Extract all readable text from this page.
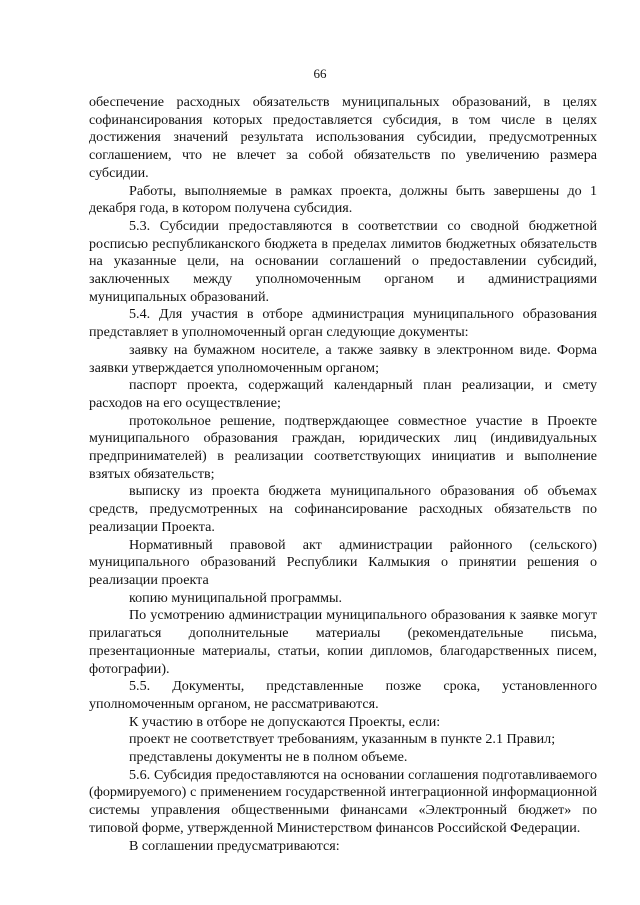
66

обеспечение расходных обязательств муниципальных образований, в целях софинансирования которых предоставляется субсидия, в том числе в целях достижения значений результата использования субсидии, предусмотренных соглашением, что не влечет за собой обязательств по увеличению размера субсидии.

Работы, выполняемые в рамках проекта, должны быть завершены до 1 декабря года, в котором получена субсидия.

5.3. Субсидии предоставляются в соответствии со сводной бюджетной росписью республиканского бюджета в пределах лимитов бюджетных обязательств на указанные цели, на основании соглашений о предоставлении субсидий, заключенных между уполномоченным органом и администрациями муниципальных образований.

5.4. Для участия в отборе администрация муниципального образования представляет в уполномоченный орган следующие документы:

заявку на бумажном носителе, а также заявку в электронном виде. Форма заявки утверждается уполномоченным органом;

паспорт проекта, содержащий календарный план реализации, и смету расходов на его осуществление;

протокольное решение, подтверждающее совместное участие в Проекте муниципального образования граждан, юридических лиц (индивидуальных предпринимателей) в реализации соответствующих инициатив и выполнение взятых обязательств;

выписку из проекта бюджета муниципального образования об объемах средств, предусмотренных на софинансирование расходных обязательств по реализации Проекта.

Нормативный правовой акт администрации районного (сельского) муниципального образований Республики Калмыкия о принятии решения о реализации проекта

копию муниципальной программы.

По усмотрению администрации муниципального образования к заявке могут прилагаться дополнительные материалы (рекомендательные письма, презентационные материалы, статьи, копии дипломов, благодарственных писем, фотографии).

5.5. Документы, представленные позже срока, установленного уполномоченным органом, не рассматриваются.

К участию в отборе не допускаются Проекты, если:

проект не соответствует требованиям, указанным в пункте 2.1 Правил;

представлены документы не в полном объеме.

5.6. Субсидия предоставляются на основании соглашения подготавливаемого (формируемого) с применением государственной интеграционной информационной системы управления общественными финансами «Электронный бюджет» по типовой форме, утвержденной Министерством финансов Российской Федерации.

В соглашении предусматриваются:
